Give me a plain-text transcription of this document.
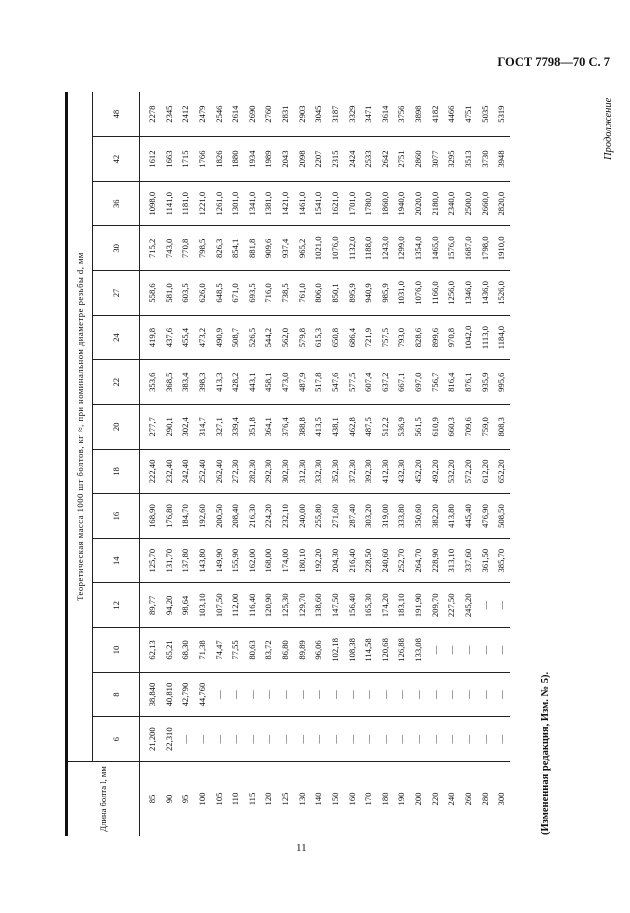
ГОСТ 7798—70 С. 7
Продолжение
Длина болта l, мм	Теоретическая масса 1000 шт болтов, кг ≈, при номинальном диаметре резьбы d, мм														
	6	8	10	12	14	16	18	20	22	24	27	30	36	42	48
85	21,200	38,840	62,13	89,77	125,70	168,90	222,40	277,7	353,6	419,8	558,6	715,2	1098,0	1612	2278
90	22,310	40,810	65,21	94,20	131,70	176,80	232,40	290,1	368,5	437,6	581,0	743,0	1141,0	1663	2345
95	—	42,790	68,30	98,64	137,80	184,70	242,40	302,4	383,4	455,4	603,5	770,8	1181,0	1715	2412
100	—	44,760	71,38	103,10	143,80	192,60	252,40	314,7	398,3	473,2	626,0	798,5	1221,0	1766	2479
105	—	—	74,47	107,50	149,90	200,50	262,40	327,1	413,3	490,9	648,5	826,3	1261,0	1826	2546
110	—	—	77,55	112,00	155,90	208,40	272,30	339,4	428,2	508,7	671,0	854,1	1301,0	1880	2614
115	—	—	80,63	116,40	162,00	216,30	282,30	351,8	443,1	526,5	693,5	881,8	1341,0	1934	2690
120	—	—	83,72	120,90	168,00	224,20	292,30	364,1	458,1	544,2	716,0	909,6	1381,0	1989	2760
125	—	—	86,80	125,30	174,00	232,10	302,30	376,4	473,0	562,0	738,5	937,4	1421,0	2043	2831
130	—	—	89,89	129,70	180,10	240,00	312,30	388,8	487,9	579,8	761,0	965,2	1461,0	2098	2903
140	—	—	96,06	138,60	192,20	255,80	332,30	413,5	517,8	615,3	806,0	1021,0	1541,0	2207	3045
150	—	—	102,18	147,50	204,30	271,60	352,30	438,1	547,6	650,8	850,1	1076,0	1621,0	2315	3187
160	—	—	108,38	156,40	216,40	287,40	372,30	462,8	577,5	686,4	895,9	1132,0	1701,0	2424	3329
170	—	—	114,58	165,30	228,50	303,20	392,30	487,5	607,4	721,9	940,9	1188,0	1780,0	2533	3471
180	—	—	120,68	174,20	240,60	319,00	412,30	512,2	637,2	757,5	985,9	1243,0	1860,0	2642	3614
190	—	—	126,88	183,10	252,70	333,80	432,30	536,9	667,1	793,0	1031,0	1299,0	1940,0	2751	3756
200	—	—	133,08	191,90	264,70	350,60	452,20	561,5	697,0	828,6	1076,0	1354,0	2020,0	2860	3898
220	—	—	—	209,70	228,90	382,20	492,20	610,9	756,7	899,6	1166,0	1465,0	2180,0	3077	4182
240	—	—	—	227,50	313,10	413,80	532,20	660,3	816,4	970,8	1256,0	1576,0	2340,0	3295	4466
260	—	—	—	245,20	337,60	445,40	572,20	709,6	876,1	1042,0	1346,0	1687,0	2500,0	3513	4751
280	—	—	—	—	361,50	476,90	612,20	759,0	935,9	1113,0	1436,0	1798,0	2660,0	3730	5035
300	—	—	—	—	385,70	508,50	652,20	808,3	995,6	1184,0	1526,0	1910,0	2820,0	3948	5319
(Измененная редакция, Изм. № 5).
11
